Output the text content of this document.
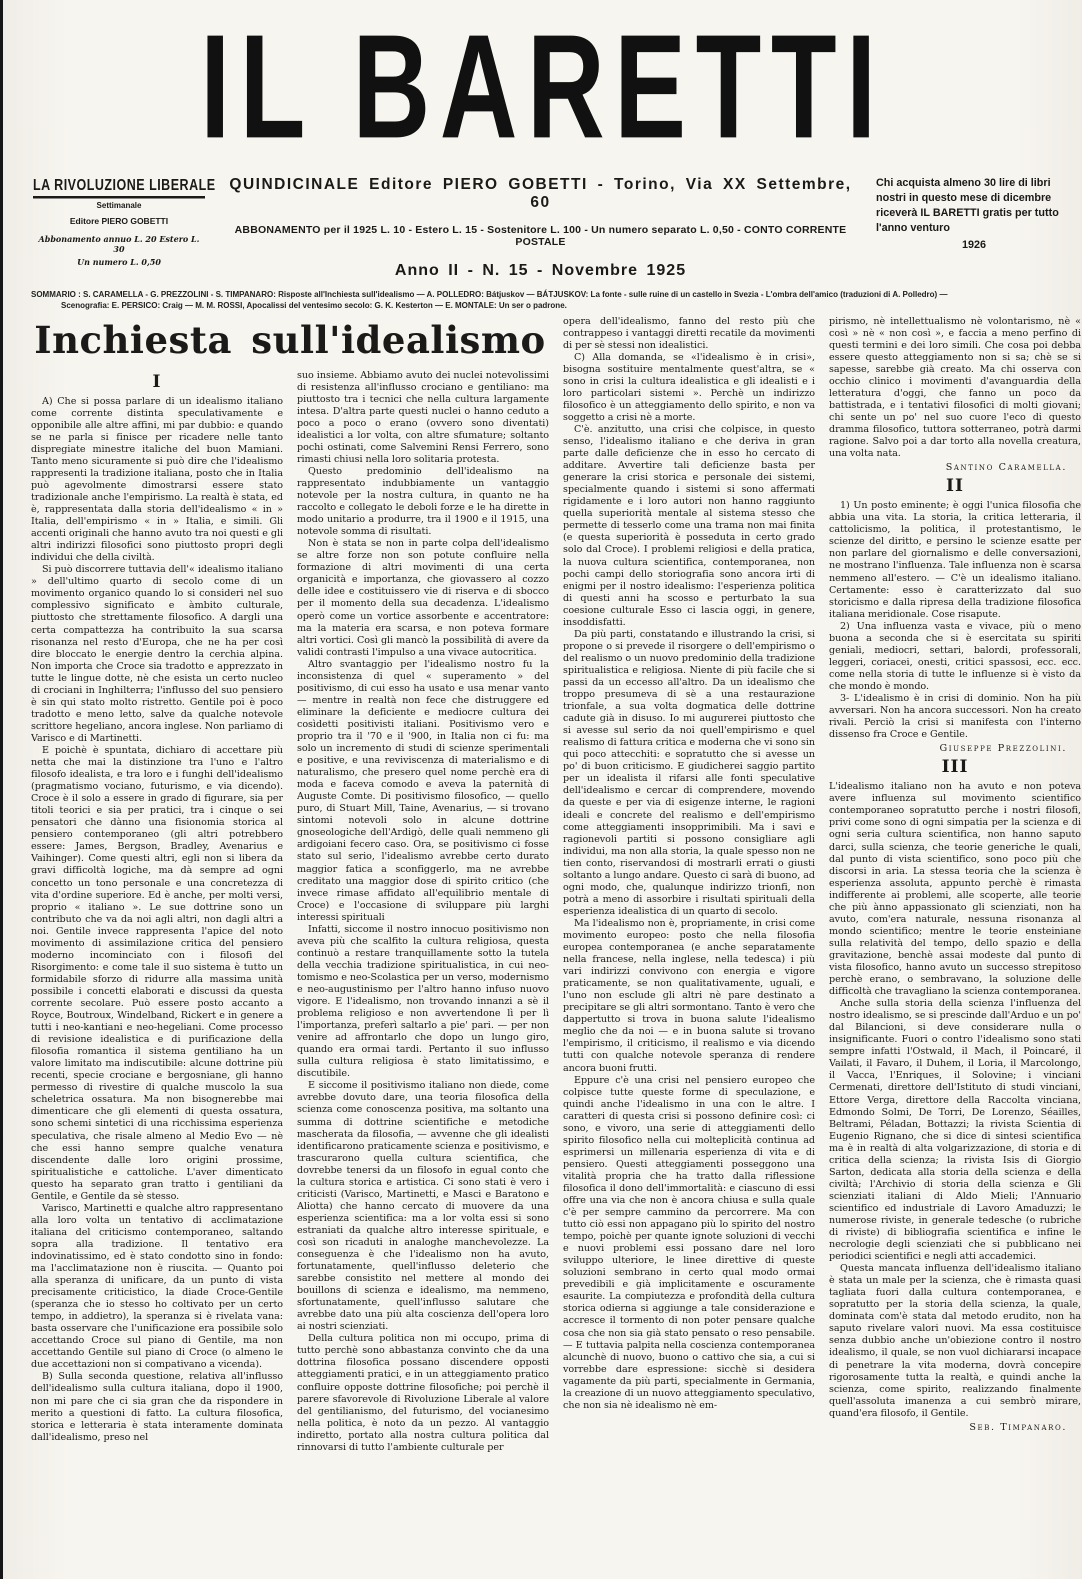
IL BARETTI
LA RIVOLUZIONE LIBERALE
Settimanale
Editore PIERO GOBETTI
Abbonamento annuo L. 20 Estero L. 30
Un numero L. 0,50
QUINDICINALE Editore PIERO GOBETTI - Torino, Via XX Settembre, 60
ABBONAMENTO per il 1925 L. 10 - Estero L. 15 - Sostenitore L. 100 - Un numero separato L. 0,50 - CONTO CORRENTE POSTALE
Anno II - N. 15 - Novembre 1925
Chi acquista almeno 30 lire di libri nostri in questo mese di dicembre riceverà IL BARETTI gratis per tutto l'anno venturo
1926
SOMMARIO : S. CARAMELLA - G. PREZZOLINI - S. TIMPANARO: Risposte all'Inchiesta sull'idealismo — A. POLLEDRO: Bátjuskov — BÁTJUSKOV: La fonte - sulle ruine di un castello in Svezia - L'ombra dell'amico (traduzioni di A. Polledro) —
Scenografia: E. PERSICO: Craig — M. M. ROSSI, Apocalissi del ventesimo secolo: G. K. Kesterton — E. MONTALE: Un ser o padrone.
Inchiesta sull'idealismo
I

A) Che si possa parlare di un idealismo italiano come corrente distinta speculativamente e opponibile alle altre affini, mi par dubbio: e quando se ne parla si finisce per ricadere nelle tanto dispregiate minestre italiche del buon Mamiani. Tanto meno sicuramente si può dire che l'idealismo rappresenti la tradizione italiana, posto che in Italia può agevolmente dimostrarsi essere stato tradizionale anche l'empirismo. La realtà è stata, ed è, rappresentata dalla storia dell'idealismo « in » Italia, dell'empirismo « in » Italia, e simili. Gli accenti originali che hanno avuto tra noi questi e gli altri indirizzi filosofici sono piuttosto propri degli individui che della civiltà.

Si può discorrere tuttavia dell'« idealismo italiano » dell'ultimo quarto di secolo come di un movimento organico quando lo si consideri nel suo complessivo significato e àmbito culturale, piuttosto che strettamente filosofico. A dargli una certa compattezza ha contribuito la sua scarsa risonanza nel resto d'Europa, che ne ha per così dire bloccato le energie dentro la cerchia alpina. Non importa che Croce sia tradotto e apprezzato in tutte le lingue dotte, nè che esista un certo nucleo di crociani in Inghilterra; l'influsso del suo pensiero è sin qui stato molto ristretto. Gentile poi è poco tradotto e meno letto, salve da qualche notevole scrittore hegeliano, ancora inglese. Non parliamo di Varisco e di Martinetti.

E poichè è spuntata, dichiaro di accettare più netta che mai la distinzione tra l'uno e l'altro filosofo idealista, e tra loro e i funghi dell'idealismo (pragmatismo vociano, futurismo, e via dicendo). Croce è il solo a essere in grado di figurare, sia per titoli teorici e sia per pratici, tra i cinque o sei pensatori che dànno una fisionomia storica al pensiero contemporaneo (gli altri potrebbero essere: James, Bergson, Bradley, Avenarius e Vaihinger). Come questi altri, egli non si libera da gravi difficoltà logiche, ma dà sempre ad ogni concetto un tono personale e una concretezza di vita d'ordine superiore. Ed è anche, per molti versi, proprio « italiano ». Le sue dottrine sono un contributo che va da noi agli altri, non dagli altri a noi. Gentile invece rappresenta l'apice del noto movimento di assimilazione critica del pensiero moderno incominciato con i filosofi del Risorgimento: e come tale il suo sistema è tutto un formidabile sforzo di ridurre alla massima unità possibile i concetti elaborati e discussi da questa corrente secolare. Può essere posto accanto a Royce, Boutroux, Windelband, Rickert e in genere a tutti i neo-kantiani e neo-hegeliani. Come processo di revisione idealistica e di purificazione della filosofia romantica il sistema gentiliano ha un valore limitato ma indiscutibile: alcune dottrine più recenti, specie crociane e bergosniane, gli hanno permesso di rivestire di qualche muscolo la sua scheletrica ossatura. Ma non bisognerebbe mai dimenticare che gli elementi di questa ossatura, sono schemi sintetici di una ricchissima esperienza speculativa, che risale almeno al Medio Evo — nè che essi hanno sempre qualche venatura discendente dalle loro origini prossime, spiritualistiche e cattoliche. L'aver dimenticato questo ha separato gran tratto i gentiliani da Gentile, e Gentile da sè stesso.

Varisco, Martinetti e qualche altro rappresentano alla loro volta un tentativo di acclimatazione italiana del criticismo contemporaneo, saltando sopra alla tradizione. Il tentativo era indovinatissimo, ed è stato condotto sino in fondo: ma l'acclimatazione non è riuscita. — Quanto poi alla speranza di unificare, da un punto di vista precisamente criticistico, la diade Croce-Gentile (speranza che io stesso ho coltivato per un certo tempo, in addietro), la speranza si è rivelata vana: basta osservare che l'unificazione era possibile solo accettando Croce sul piano di Gentile, ma non accettando Gentile sul piano di Croce (o almeno le due accettazioni non si compativano a vicenda).

B) Sulla seconda questione, relativa all'influsso dell'idealismo sulla cultura italiana, dopo il 1900, non mi pare che ci sia gran che da rispondere in merito a questioni di fatto. La cultura filosofica, storica e letteraria è stata interamente dominata dall'idealismo, preso nel

suo insieme. Abbiamo avuto dei nuclei notevolissimi di resistenza all'influsso crociano e gentiliano: ma piuttosto tra i tecnici che nella cultura largamente intesa. D'altra parte questi nuclei o hanno ceduto a poco a poco o erano (ovvero sono diventati) idealistici a lor volta, con altre sfumature; soltanto pochi ostinati, come Salvemini Rensi Ferrero, sono rimasti chiusi nella loro solitaria protesta.

Questo predominio dell'idealismo na rappresentato indubbiamente un vantaggio notevole per la nostra cultura, in quanto ne ha raccolto e collegato le deboli forze e le ha dirette in modo unitario a produrre, tra il 1900 e il 1915, una notevole somma di risultati.

Non è stata se non in parte colpa dell'idealismo se altre forze non son potute confluire nella formazione di altri movimenti di una certa organicità e importanza, che giovassero al cozzo delle idee e costituissero vie di riserva e di sbocco per il momento della sua decadenza. L'idealismo operò come un vortice assorbente e accentratore: ma la materia era scarsa, e non poteva formare altri vortici. Così gli mancò la possibilità di avere da validi contrasti l'impulso a una vivace autocritica.

Altro svantaggio per l'idealismo nostro fu la inconsistenza di quel « superamento » del positivismo, di cui esso ha usato e usa menar vanto — mentre in realtà non fece che distruggere ed eliminare la deficiente e mediocre cultura dei cosìdetti positivisti italiani. Positivismo vero e proprio tra il '70 e il '900, in Italia non ci fu: ma solo un incremento di studi di scienze sperimentali e positive, e una reviviscenza di materialismo e di naturalismo, che presero quel nome perchè era di moda e faceva comodo e aveva la paternità di Auguste Comte. Di positivismo filosofico, — quello puro, di Stuart Mill, Taine, Avenarius, — si trovano sintomi notevoli solo in alcune dottrine gnoseologiche dell'Ardigò, delle quali nemmeno gli ardigoiani fecero caso. Ora, se positivismo ci fosse stato sul serio, l'idealismo avrebbe certo durato maggior fatica a sconfiggerlo, ma ne avrebbe creditato una maggior dose di spirito critico (che invece rimase affidato all'equilibrio mentale di Croce) e l'occasione di sviluppare più larghi interessi spirituali

Infatti, siccome il nostro innocuo positivismo non aveva più che scalfito la cultura religiosa, questa continuò a restare tranquillamente sotto la tutela della vecchia tradizione spiritualistica, in cui neo-tomismo e neo-Scolastica per un verso, modernismo e neo-augustinismo per l'altro hanno infuso nuovo vigore. E l'idealismo, non trovando innanzi a sè il problema religioso e non avvertendone lì per lì l'importanza, preferì saltarlo a pie' pari. — per non venire ad affrontarlo che dopo un lungo giro, quando era ormai tardi. Pertanto il suo influsso sulla cultura religiosa è stato limitatissimo, e discutibile.

E siccome il positivismo italiano non diede, come avrebbe dovuto dare, una teoria filosofica della scienza come conoscenza positiva, ma soltanto una summa di dottrine scientifiche e metodiche mascherata da filosofia, — avvenne che gli idealisti identificarono praticamente scienza e positivismo, e trascurarono quella cultura scientifica, che dovrebbe tenersi da un filosofo in egual conto che la cultura storica e artistica. Ci sono stati è vero i criticisti (Varisco, Martinetti, e Masci e Baratono e Aliotta) che hanno cercato di muovere da una esperienza scientifica: ma a lor volta essi si sono estraniati da qualche altro interesse spirituale, e così son ricaduti in analoghe manchevolezze. La conseguenza è che l'idealismo non ha avuto, fortunatamente, quell'influsso deleterio che sarebbe consistito nel mettere al mondo dei bouillons di scienza e idealismo, ma nemmeno, sfortunatamente, quell'influsso salutare che avrebbe dato una più alta coscienza dell'opera loro ai nostri scienziati.

Della cultura politica non mi occupo, prima di tutto perchè sono abbastanza convinto che da una dottrina filosofica possano discendere opposti atteggiamenti pratici, e in un atteggiamento pratico confluire opposte dottrine filosofiche; poi perchè il parere sfavorevole di Rivoluzione Liberale al valore del gentilianismo, del futurismo, del vocianesimo nella politica, è noto da un pezzo. Al vantaggio indiretto, portato alla nostra cultura politica dal rinnovarsi di tutto l'ambiente culturale per

opera dell'idealismo, fanno del resto più che contrappeso i vantaggi diretti recatile da movimenti di per sè stessi non idealistici.

C) Alla domanda, se «l'idealismo è in crisi», bisogna sostituire mentalmente quest'altra, se « sono in crisi la cultura idealistica e gli idealisti e i loro particolari sistemi ». Perchè un indirizzo filosofico è un atteggiamento dello spirito, e non va soggetto a crisi nè a morte.

C'è. anzitutto, una crisi che colpisce, in questo senso, l'idealismo italiano e che deriva in gran parte dalle deficienze che in esso ho cercato di additare. Avvertire tali deficienze basta per generare la crisi storica e personale dei sistemi, specialmente quando i sistemi si sono affermati rigidamente e i loro autori non hanno raggiunto quella superiorità mentale al sistema stesso che permette di tesserlo come una trama non mai finita (e questa superiorità è posseduta in certo grado solo dal Croce). I problemi religiosi e della pratica, la nuova cultura scientifica, contemporanea, non pochi campi dello storiografia sono ancora irti di enigmi per il nostro idealismo: l'esperienza politica di questi anni ha scosso e perturbato la sua coesione culturale Esso ci lascia oggi, in genere, insoddisfatti.

Da più parti, constatando e illustrando la crisi, si propone o si prevede il risorgere o dell'empirismo o del realismo o un nuovo predominio della tradizione spiritualistica e religiosa. Niente di più facile che si passi da un eccesso all'altro. Da un idealismo che troppo presumeva di sè a una restaurazione trionfale, a sua volta dogmatica delle dottrine cadute già in disuso. Io mi augurerei piuttosto che si avesse sul serio da noi quell'empirismo e quel realismo di fattura critica e moderna che vi sono sin qui poco attecchiti: e sopratutto che si avesse un po' di buon criticismo. E giudicherei saggio partito per un idealista il rifarsi alle fonti speculative dell'idealismo e cercar di comprendere, movendo da queste e per via di esigenze interne, le ragioni ideali e concrete del realismo e dell'empirismo come atteggiamenti insopprimibili. Ma i savi e ragionevoli partiti si possono consigliare agli individui, ma non alla storia, la quale spesso non ne tien conto, riservandosi di mostrarli errati o giusti soltanto a lungo andare. Questo ci sarà di buono, ad ogni modo, che, qualunque indirizzo trionfi, non potrà a meno di assorbire i risultati spirituali della esperienza idealistica di un quarto di secolo.

Ma l'idealismo non è, propriamente, in crisi come movimento europeo: posto che nella filosofia europea contemporanea (e anche separatamente nella francese, nella inglese, nella tedesca) i più vari indirizzi convivono con energia e vigore praticamente, se non qualitativamente, uguali, e l'uno non esclude gli altri nè pare destinato a precipitare se gli altri sormontano. Tanto è vero che dappertutto si trova in buona salute l'idealismo meglio che da noi — e in buona salute si trovano l'empirismo, il criticismo, il realismo e via dicendo tutti con qualche notevole speranza di rendere ancora buoni frutti.

Eppure c'è una crisi nel pensiero europeo che colpisce tutte queste forme di speculazione, e quindi anche l'idealismo in una con le altre. I caratteri di questa crisi si possono definire così: ci sono, e vivoro, una serie di atteggiamenti dello spirito filosofico nella cui molteplicità continua ad esprimersi un millenaria esperienza di vita e di pensiero. Questi atteggiamenti posseggono una vitalità propria che ha tratto dalla riflessione filosofica il dono dell'immortalità: e ciascuno di essi offre una via che non è ancora chiusa e sulla quale c'è per sempre cammino da percorrere. Ma con tutto ciò essi non appagano più lo spirito del nostro tempo, poichè per quante ignote soluzioni di vecchi e nuovi problemi essi possano dare nel loro sviluppo ulteriore, le linee direttive di queste soluzioni sembrano in certo qual modo ormai prevedibili e già implicitamente e oscuramente esaurite. La compiutezza e profondità della cultura storica odierna si aggiunge a tale considerazione e accresce il tormento di non poter pensare qualche cosa che non sia già stato pensato o reso pensabile. — E tuttavia palpita nella coscienza contemporanea alcunchè di nuovo, buono o cattivo che sia, a cui si vorrebbe dare espressione: sicchè si desidera vagamente da più parti, specialmente in Germania, la creazione di un nuovo atteggiamento speculativo, che non sia nè idealismo nè em-

pirismo, nè intellettualismo nè volontarismo, nè « così » nè « non così », e faccia a meno perfino di questi termini e dei loro simili. Che cosa poi debba essere questo atteggiamento non si sa; chè se si sapesse, sarebbe già creato. Ma chi osserva con occhio clinico i movimenti d'avanguardia della letteratura d'oggi, che fanno un poco da battistrada, e i tentativi filosofici di molti giovani; chi sente un po' nel suo cuore l'eco di questo dramma filosofico, tuttora sotterraneo, potrà darmi ragione. Salvo poi a dar torto alla novella creatura, una volta nata.

Santino Caramella.

II

1) Un posto eminente; è oggi l'unica filosofia che abbia una vita. La storia, la critica letteraria, il cattolicismo, la politica, il protestantismo, le scienze del diritto, e persino le scienze esatte per non parlare del giornalismo e delle conversazioni, ne mostrano l'influenza. Tale influenza non è scarsa nemmeno all'estero. — C'è un idealismo italiano. Certamente: esso è caratterizzato dal suo storicismo e dalla ripresa della tradizione filosofica italiana meridionale. Cose risapute.

2) Una influenza vasta e vivace, più o meno buona a seconda che si è esercitata su spiriti geniali, mediocri, settari, balordi, professorali, leggeri, coriacei, onesti, critici spassosi, ecc. ecc. come nella storia di tutte le influenze si è visto da che mondo è mondo.

3- L'idealismo è in crisi di dominio. Non ha più avversari. Non ha ancora successori. Non ha creato rivali. Perciò la crisi si manifesta con l'interno dissenso fra Croce e Gentile.

Giuseppe Prezzolini.

III

L'idealismo italiano non ha avuto e non poteva avere influenza sul movimento scientifico contemporaneo sopratutto perche i nostri filosofi, privi come sono di ogni simpatia per la scienza e di ogni seria cultura scientifica, non hanno saputo darci, sulla scienza, che teorie generiche le quali, dal punto di vista scientifico, sono poco più che discorsi in aria. La stessa teoria che la scienza è esperienza assoluta, appunto perchè è rimasta indifferente ai problemi, alle scoperte, alle teorie che più ànno appassionato gli scienziati, non ha avuto, com'era naturale, nessuna risonanza al mondo scientifico; mentre le teorie ensteiniane sulla relatività del tempo, dello spazio e della gravitazione, benchè assai modeste dal punto di vista filosofico, hanno avuto un successo strepitoso perchè erano, o sembravano, la soluzione delle difficoltà che travagliano la scienza contemporanea.

Anche sulla storia della scienza l'influenza del nostro idealismo, se si prescinde dall'Arduo e un po' dal Bilancioni, si deve considerare nulla o insignificante. Fuori o contro l'idealismo sono stati sempre infatti l'Ostwald, il Mach, il Poincaré, il Vailati, il Favaro, il Duhem, il Loria, il Marcolongo, il Vacca, l'Enriques, il Solovine; i vinciani Cermenati, direttore dell'Istituto di studi vinciani, Ettore Verga, direttore della Raccolta vinciana, Edmondo Solmi, De Torri, De Lorenzo, Séailles, Beltrami, Péladan, Bottazzi; la rivista Scientia di Eugenio Rignano, che si dice di sintesi scientifica ma è in realtà di alta volgarizzazione, di storia e di critica della scienza; la rivista Isis di Giorgio Sarton, dedicata alla storia della scienza e della civiltà; l'Archivio di storia della scienza e Gli scienziati italiani di Aldo Mieli; l'Annuario scientifico ed industriale di Lavoro Amaduzzi; le numerose riviste, in generale tedesche (o rubriche di riviste) di bibliografia scientifica e infine le necrologie degli scienziati che si pubblicano nei periodici scientifici e negli atti accademici.

Questa mancata influenza dell'idealismo italiano è stata un male per la scienza, che è rimasta quasi tagliata fuori dalla cultura contemporanea, e sopratutto per la storia della scienza, la quale, dominata com'è stata dal metodo erudito, non ha saputo rivelare valori nuovi. Ma essa costituisce senza dubbio anche un'obiezione contro il nostro idealismo, il quale, se non vuol dichiararsi incapace di penetrare la vita moderna, dovrà concepire rigorosamente tutta la realtà, e quindi anche la scienza, come spirito, realizzando finalmente quell'assoluta imanenza a cui sembrò mirare, quand'era filosofo, il Gentile.

Seb. Timpanaro.
